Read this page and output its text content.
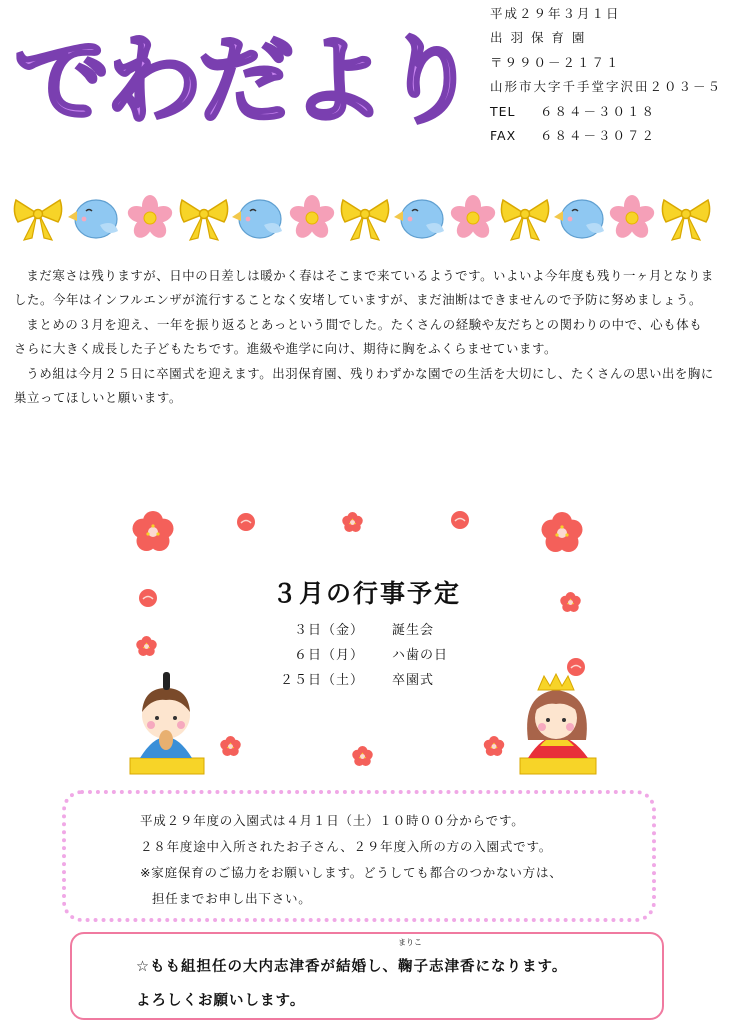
でわだより
平成２９年３月１日
出 羽 保 育 園
〒９９０－２１７１
山形市大字千手堂字沢田２０３－５
TEL	６８４－３０１８
FAX	６８４－３０７２

まだ寒さは残りますが、日中の日差しは暖かく春はそこまで来ているようです。いよいよ今年度も残り一ヶ月となりました。今年はインフルエンザが流行することなく安堵していますが、まだ油断はできませんので予防に努めましょう。

まとめの３月を迎え、一年を振り返るとあっという間でした。たくさんの経験や友だちとの関わりの中で、心も体もさらに大きく成長した子どもたちです。進級や進学に向け、期待に胸をふくらませています。

うめ組は今月２５日に卒園式を迎えます。出羽保育園、残りわずかな園での生活を大切にし、たくさんの思い出を胸に巣立ってほしいと願います。

３月の行事予定
３日（金）	誕生会
６日（月）	ハ歯の日
２５日（土）	卒園式
平成２９年度の入園式は４月１日（土）１０時００分からです。
２８年度途中入所されたお子さん、２９年度入所の方の入園式です。
※家庭保育のご協力をお願いします。どうしても都合のつかない方は、
担任までお申し出下さい。
☆もも組担任の大内志津香が結婚し、鞠
まりこ
子志津香になります。
よろしくお願いします。
